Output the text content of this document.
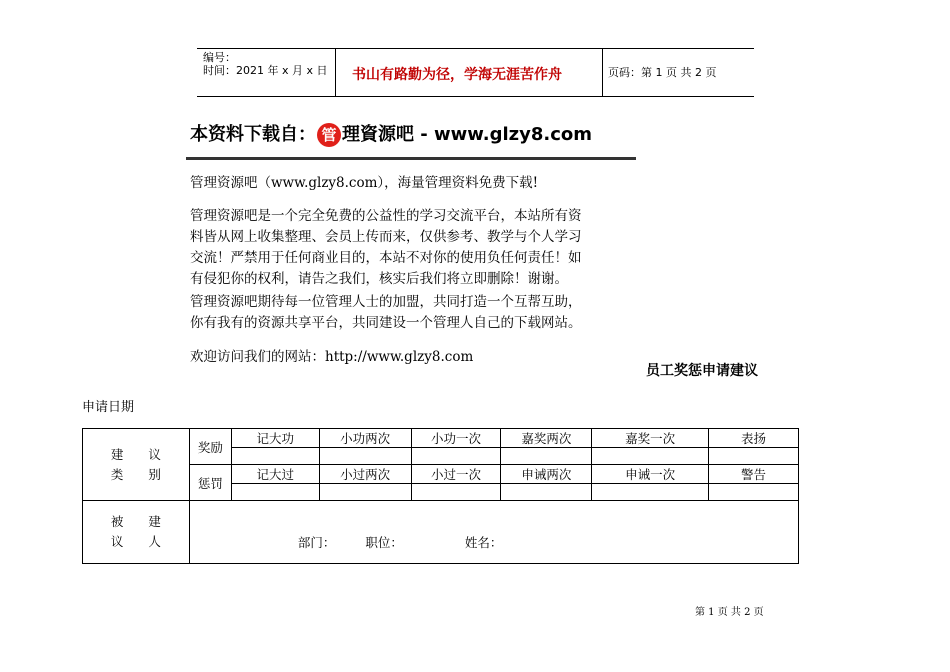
编号：
时间：2021 年 x 月 x 日 书山有路勤为径，学海无涯苦作舟	页码：第 1 页 共 2 页
本资料下载自： 管 理資源吧 - www.glzy8.com
管理资源吧（www.glzy8.com），海量管理资料免费下载!
管理资源吧是一个完全免费的公益性的学习交流平台，本站所有资
料皆从网上收集整理、会员上传而来，仅供参考、教学与个人学习
交流！严禁用于任何商业目的，本站不对你的使用负任何责任！如
有侵犯你的权利，请告之我们，核实后我们将立即删除！谢谢。
管理资源吧期待每一位管理人士的加盟，共同打造一个互帮互助，
你有我有的资源共享平台，共同建设一个管理人自己的下载网站。
欢迎访问我们的网站：http://www.glzy8.com
员工奖惩申请建议
申请日期
建　　议
类　　别	奖励	记大功	小功两次	小功一次	嘉奖两次	嘉奖一次	表扬

	惩罚	记大过	小过两次	小过一次	申诫两次	申诫一次	警告

被　　建
议　　人	部门： 职位： 姓名：						
第 1 页 共 2 页
